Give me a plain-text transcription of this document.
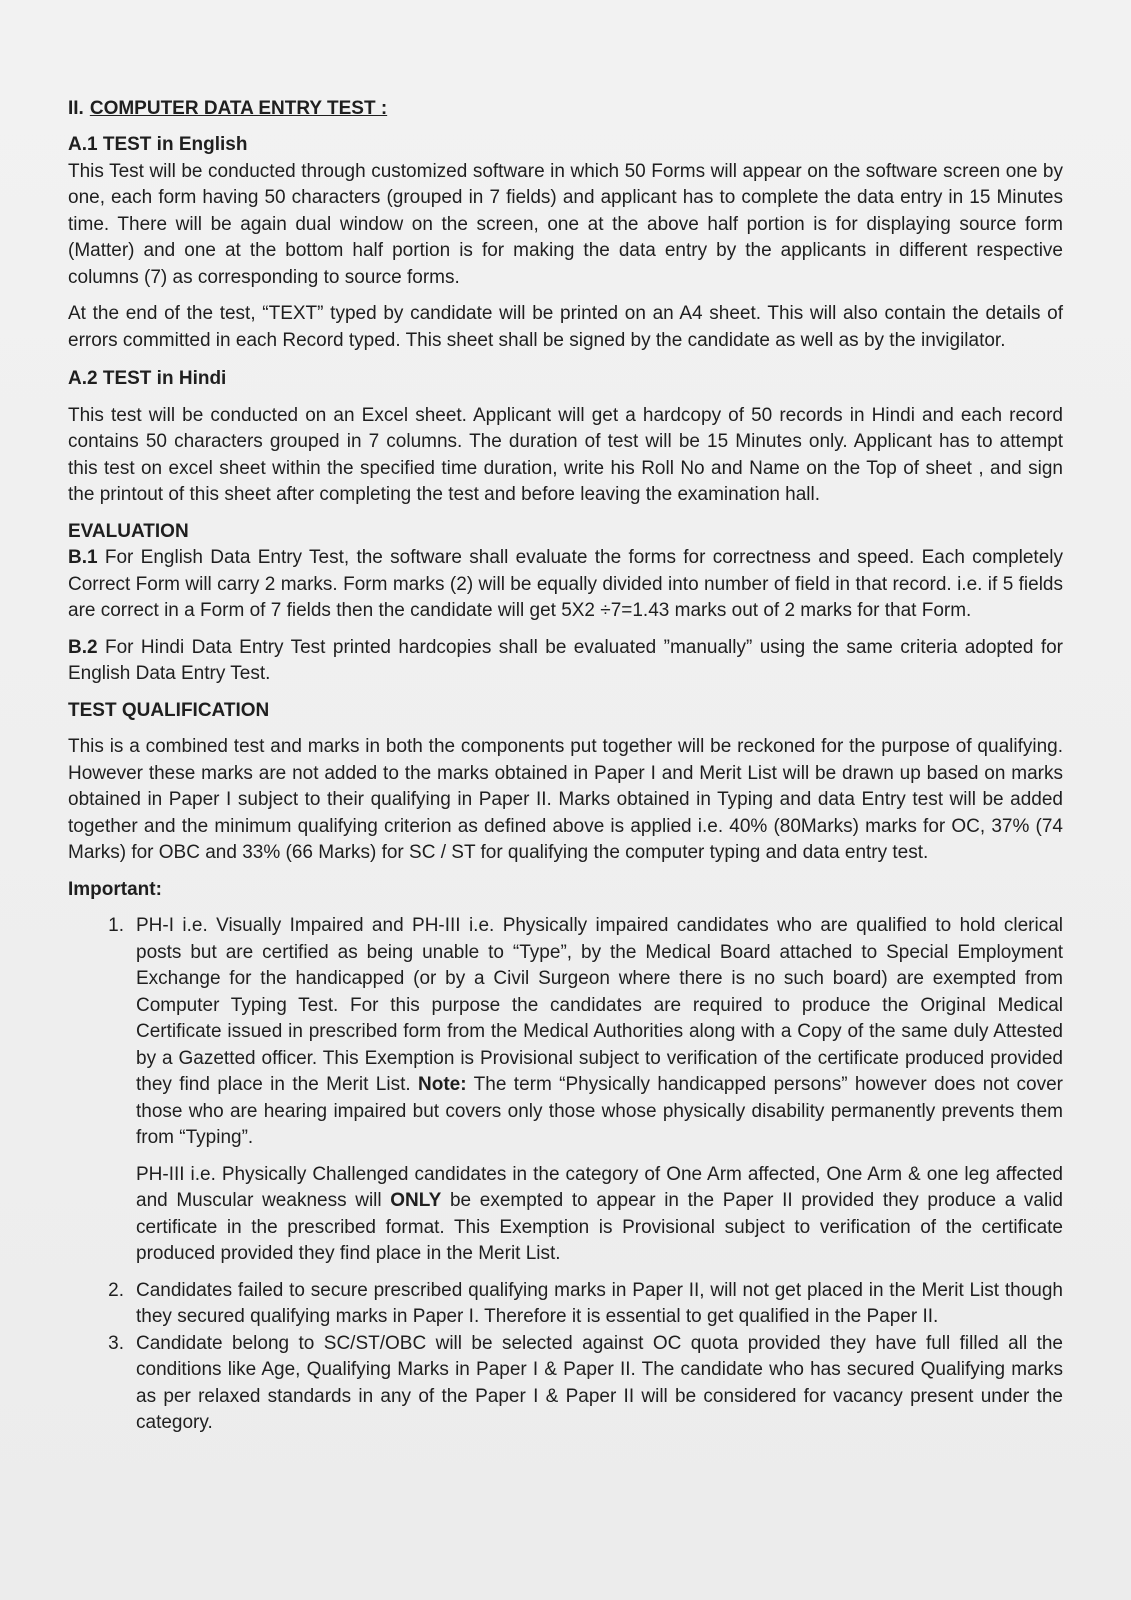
II. COMPUTER DATA ENTRY TEST :
A.1 TEST in English

This Test will be conducted through customized software in which 50 Forms will appear on the software screen one by one, each form having 50 characters (grouped in 7 fields) and applicant has to complete the data entry in 15 Minutes time. There will be again dual window on the screen, one at the above half portion is for displaying source form (Matter) and one at the bottom half portion is for making the data entry by the applicants in different respective columns (7) as corresponding to source forms.

At the end of the test, “TEXT” typed by candidate will be printed on an A4 sheet. This will also contain the details of errors committed in each Record typed. This sheet shall be signed by the candidate as well as by the invigilator.

A.2 TEST in Hindi

This test will be conducted on an Excel sheet. Applicant will get a hardcopy of 50 records in Hindi and each record contains 50 characters grouped in 7 columns. The duration of test will be 15 Minutes only. Applicant has to attempt this test on excel sheet within the specified time duration, write his Roll No and Name on the Top of sheet , and sign the printout of this sheet after completing the test and before leaving the examination hall.

EVALUATION

B.1 For English Data Entry Test, the software shall evaluate the forms for correctness and speed. Each completely Correct Form will carry 2 marks. Form marks (2) will be equally divided into number of field in that record. i.e. if 5 fields are correct in a Form of 7 fields then the candidate will get 5X2 ÷7=1.43 marks out of 2 marks for that Form.

B.2 For Hindi Data Entry Test printed hardcopies shall be evaluated ”manually” using the same criteria adopted for English Data Entry Test.

TEST QUALIFICATION

This is a combined test and marks in both the components put together will be reckoned for the purpose of qualifying. However these marks are not added to the marks obtained in Paper I and Merit List will be drawn up based on marks obtained in Paper I subject to their qualifying in Paper II. Marks obtained in Typing and data Entry test will be added together and the minimum qualifying criterion as defined above is applied i.e. 40% (80Marks) marks for OC, 37% (74 Marks) for OBC and 33% (66 Marks) for SC / ST for qualifying the computer typing and data entry test.

Important:
1. PH-I i.e. Visually Impaired and PH-III i.e. Physically impaired candidates who are qualified to hold clerical posts but are certified as being unable to “Type”, by the Medical Board attached to Special Employment Exchange for the handicapped (or by a Civil Surgeon where there is no such board) are exempted from Computer Typing Test. For this purpose the candidates are required to produce the Original Medical Certificate issued in prescribed form from the Medical Authorities along with a Copy of the same duly Attested by a Gazetted officer. This Exemption is Provisional subject to verification of the certificate produced provided they find place in the Merit List. Note: The term “Physically handicapped persons” however does not cover those who are hearing impaired but covers only those whose physically disability permanently prevents them from “Typing”.
PH-III i.e. Physically Challenged candidates in the category of One Arm affected, One Arm & one leg affected and Muscular weakness will ONLY be exempted to appear in the Paper II provided they produce a valid certificate in the prescribed format. This Exemption is Provisional subject to verification of the certificate produced provided they find place in the Merit List.
2. Candidates failed to secure prescribed qualifying marks in Paper II, will not get placed in the Merit List though they secured qualifying marks in Paper I. Therefore it is essential to get qualified in the Paper II.
3. Candidate belong to SC/ST/OBC will be selected against OC quota provided they have full filled all the conditions like Age, Qualifying Marks in Paper I & Paper II. The candidate who has secured Qualifying marks as per relaxed standards in any of the Paper I & Paper II will be considered for vacancy present under the category.
